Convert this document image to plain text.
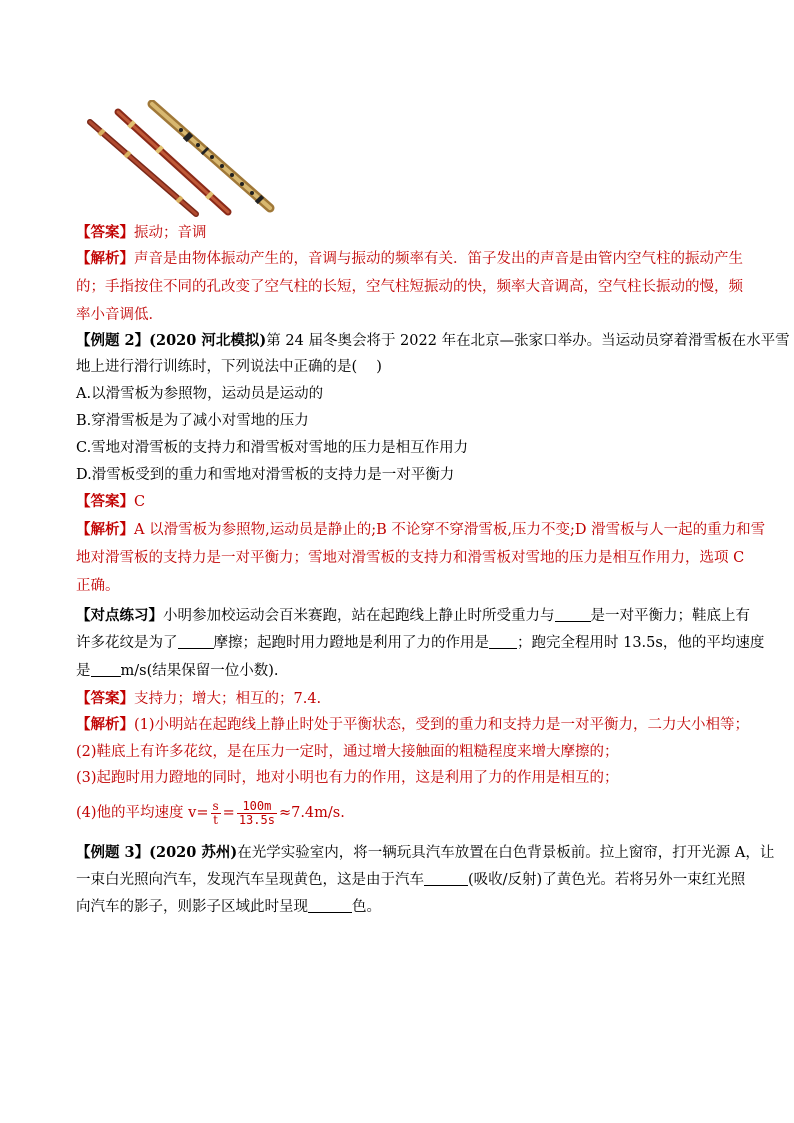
【答案】振动；音调
【解析】声音是由物体振动产生的，音调与振动的频率有关．笛子发出的声音是由管内空气柱的振动产生
的；手指按住不同的孔改变了空气柱的长短，空气柱短振动的快，频率大音调高，空气柱长振动的慢，频
率小音调低．
【例题 2】(2020 河北模拟)第 24 届冬奥会将于 2022 年在北京—张家口举办。当运动员穿着滑雪板在水平雪
地上进行滑行训练时，下列说法中正确的是(　 )
A.以滑雪板为参照物，运动员是运动的
B.穿滑雪板是为了减小对雪地的压力
C.雪地对滑雪板的支持力和滑雪板对雪地的压力是相互作用力
D.滑雪板受到的重力和雪地对滑雪板的支持力是一对平衡力
【答案】C
【解析】A 以滑雪板为参照物,运动员是静止的;B 不论穿不穿滑雪板,压力不变;D 滑雪板与人一起的重力和雪
地对滑雪板的支持力是一对平衡力；雪地对滑雪板的支持力和滑雪板对雪地的压力是相互作用力，选项 C
正确。
【对点练习】小明参加校运动会百米赛跑，站在起跑线上静止时所受重力与 是一对平衡力；鞋底上有
许多花纹是为了 摩擦；起跑时用力蹬地是利用了力的作用是 ；跑完全程用时 13.5s，他的平均速度
是 m/s(结果保留一位小数).
【答案】支持力；增大；相互的；7.4.
【解析】(1)小明站在起跑线上静止时处于平衡状态，受到的重力和支持力是一对平衡力，二力大小相等；
(2)鞋底上有许多花纹，是在压力一定时，通过增大接触面的粗糙程度来增大摩擦的；
(3)起跑时用力蹬地的同时，地对小明也有力的作用，这是利用了力的作用是相互的；
(4)他的平均速度 $v= \frac{s}{t} = \frac{100m}{13.5s} \approx 7.4m/s$.
【例题 3】(2020 苏州)在光学实验室内，将一辆玩具汽车放置在白色背景板前。拉上窗帘，打开光源 A，让
一束白光照向汽车，发现汽车呈现黄色，这是由于汽车	(吸收/反射)了黄色光。若将另外一束红光照
向汽车的影子，则影子区域此时呈现	色。
